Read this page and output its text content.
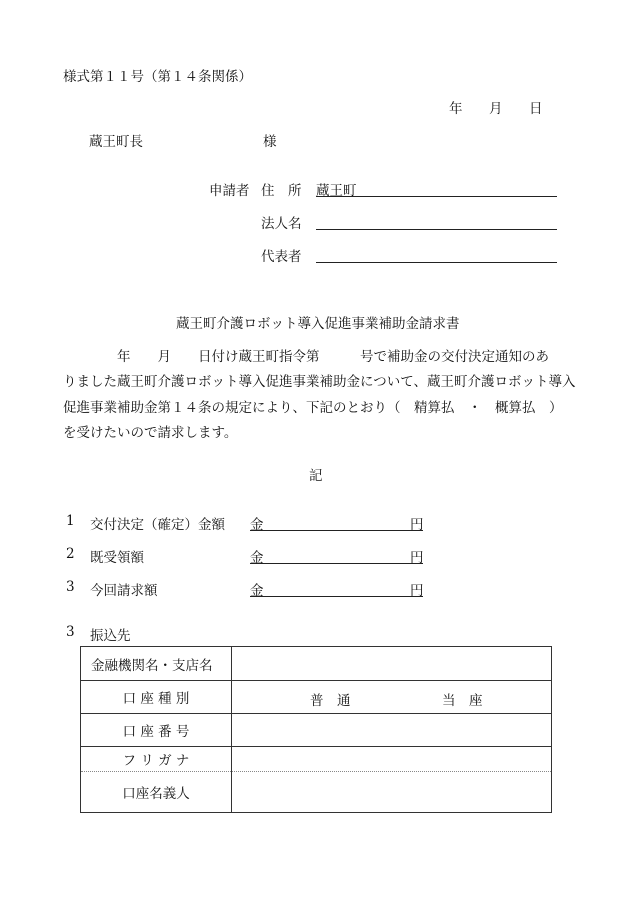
様式第１１号（第１４条関係）
年 月 日
蔵王町長	様
申請者 住　所 蔵王町
法人名
代表者
蔵王町介護ロボット導入促進事業補助金請求書
　　　　年　　月　　日付け蔵王町指令第　　　号で補助金の交付決定通知のあ
りました蔵王町介護ロボット導入促進事業補助金について、蔵王町介護ロボット導入
促進事業補助金第１４条の規定により、下記のとおり（　精算払　・　概算払　）
を受けたいので請求します。
記
1 交付決定（確定）金額 金	円
2 既受領額	金	円
3 今回請求額	金	円
3 振込先
金融機関名・支店名	
口 座 種 別	普　通 当　座

口 座 番 号	
フ リ ガ ナ	
口座名義人	
